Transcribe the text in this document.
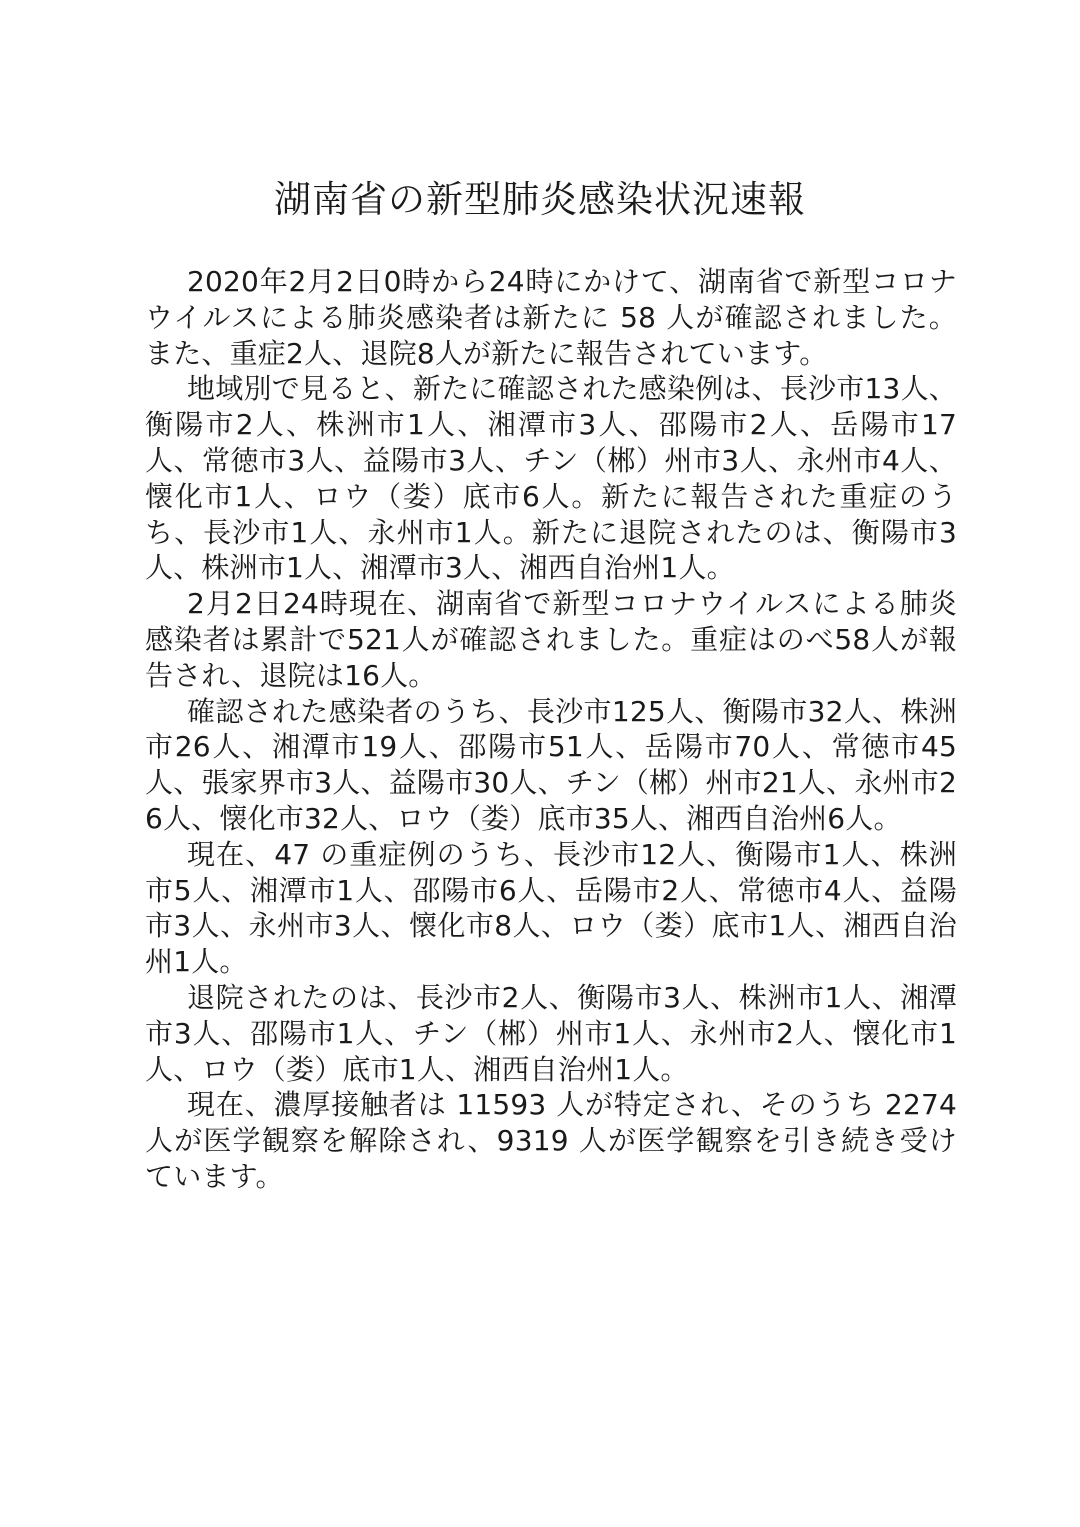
湖南省の新型肺炎感染状況速報

2020年2月2日0時から24時にかけて、湖南省で新型コロナウイルスによる肺炎感染者は新たに 58 人が確認されました。また、重症2人、退院8人が新たに報告されています。

地域別で見ると、新たに確認された感染例は、長沙市13人、衡陽市2人、株洲市1人、湘潭市3人、邵陽市2人、岳陽市17人、常徳市3人、益陽市3人、チン（郴）州市3人、永州市4人、懐化市1人、ロウ（娄）底市6人。新たに報告された重症のうち、長沙市1人、永州市1人。新たに退院されたのは、衡陽市3人、株洲市1人、湘潭市3人、湘西自治州1人。

2月2日24時現在、湖南省で新型コロナウイルスによる肺炎感染者は累計で521人が確認されました。重症はのべ58人が報告され、退院は16人。

確認された感染者のうち、長沙市125人、衡陽市32人、株洲市26人、湘潭市19人、邵陽市51人、岳陽市70人、常徳市45人、張家界市3人、益陽市30人、チン（郴）州市21人、永州市26人、懐化市32人、ロウ（娄）底市35人、湘西自治州6人。

現在、47 の重症例のうち、長沙市12人、衡陽市1人、株洲市5人、湘潭市1人、邵陽市6人、岳陽市2人、常徳市4人、益陽市3人、永州市3人、懐化市8人、ロウ（娄）底市1人、湘西自治州1人。

退院されたのは、長沙市2人、衡陽市3人、株洲市1人、湘潭市3人、邵陽市1人、チン（郴）州市1人、永州市2人、懐化市1人、ロウ（娄）底市1人、湘西自治州1人。

現在、濃厚接触者は 11593 人が特定され、そのうち 2274 人が医学観察を解除され、9319 人が医学観察を引き続き受けています。
